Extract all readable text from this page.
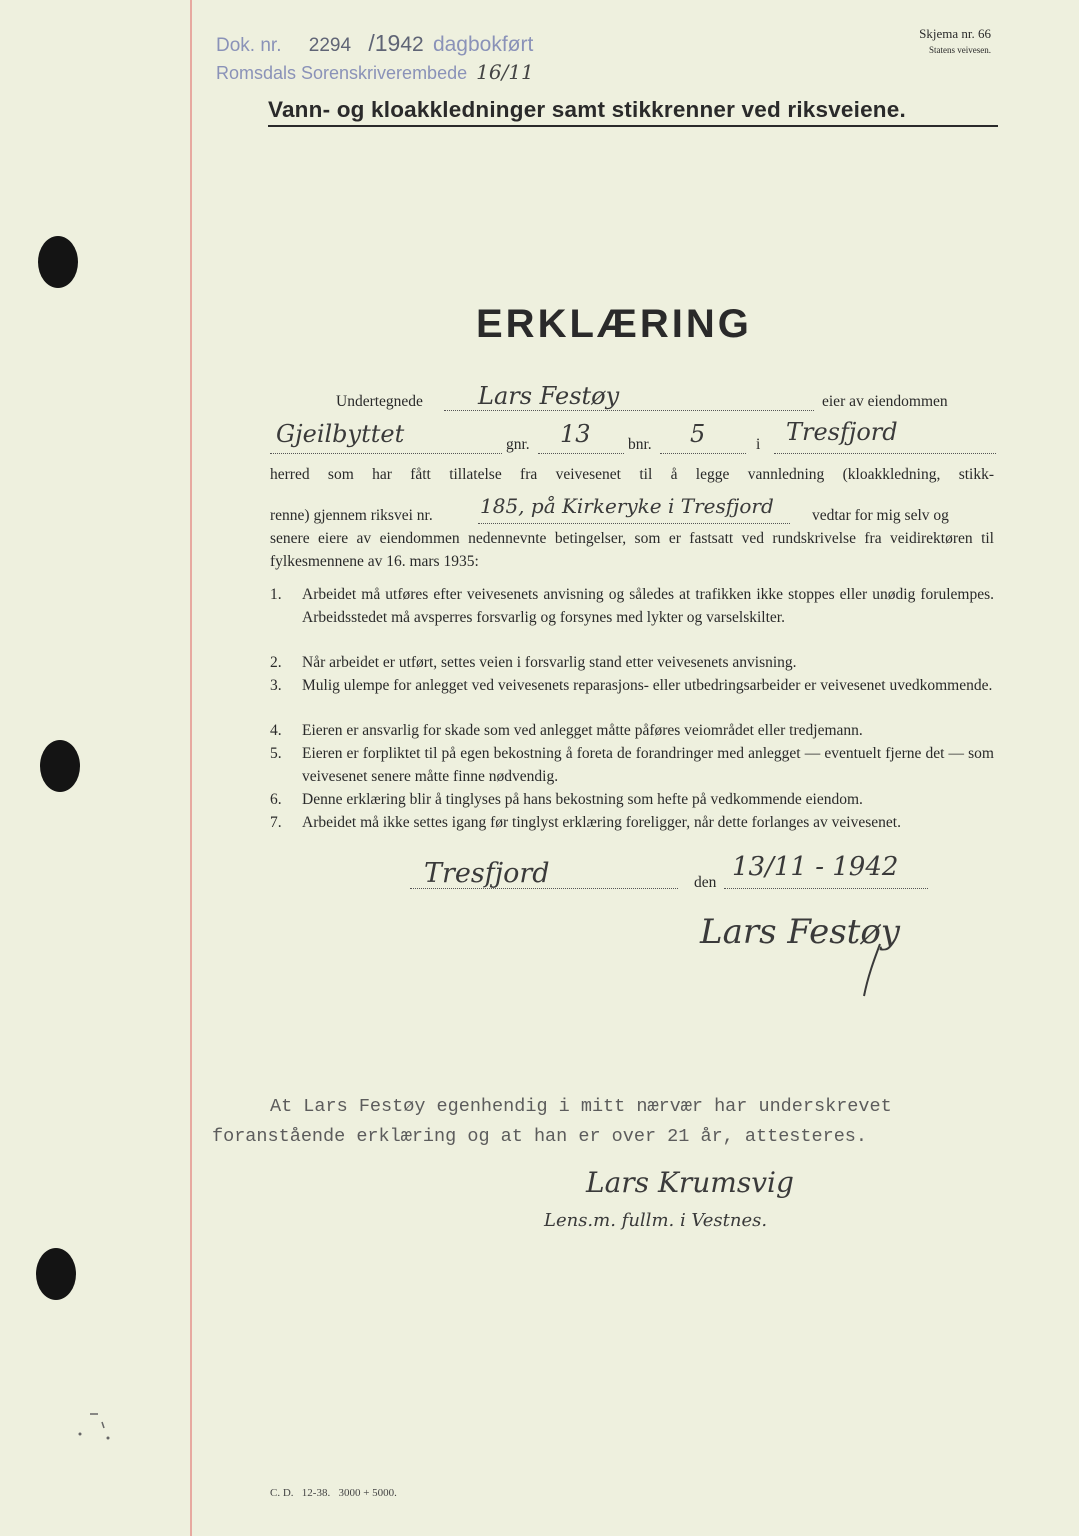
Dok. nr. 2294 /1942 dagbokført
Romsdals Sorenskriverembede 16/11
Skjema nr. 66
Statens veivesen.
Vann- og kloakkledninger samt stikkrenner ved riksveiene.
ERKLÆRING
Undertegnede Lars Festøy	eier av eiendommen
Gjeilbyttet	gnr. 13 bnr. 5	i Tresfjord
herred som har fått tillatelse fra veivesenet til å legge vannledning (kloakkledning, stikk-
renne) gjennem riksvei nr. 185, på Kirkeryke i Tresfjord vedtar for mig selv og
senere eiere av eiendommen nedennevnte betingelser, som er fastsatt ved rundskrivelse fra veidirektøren til fylkesmennene av 16. mars 1935:
1.	Arbeidet må utføres efter veivesenets anvisning og således at trafikken ikke stoppes eller unødig forulempes. Arbeidsstedet må avsperres forsvarlig og forsynes med lykter og varselskilter.
2.	Når arbeidet er utført, settes veien i forsvarlig stand etter veivesenets anvisning.
3.	Mulig ulempe for anlegget ved veivesenets reparasjons- eller utbedringsarbeider er veivesenet uvedkommende.
4.	Eieren er ansvarlig for skade som ved anlegget måtte påføres veiområdet eller tredjemann.
5.	Eieren er forpliktet til på egen bekostning å foreta de forandringer med anlegget — eventuelt fjerne det — som veivesenet senere måtte finne nødvendig.
6.	Denne erklæring blir å tinglyses på hans bekostning som hefte på vedkommende eiendom.
7.	Arbeidet må ikke settes igang før tinglyst erklæring foreligger, når dette forlanges av veivesenet.
Tresfjord	den
13/11 - 1942
Lars Festøy
At Lars Festøy egenhendig i mitt nærvær har underskrevet
foranstående erklæring og at han er over 21 år, attesteres.
Lars Krumsvig
Lens.m. fullm. i Vestnes.
C. D.   12-38.   3000 + 5000.
